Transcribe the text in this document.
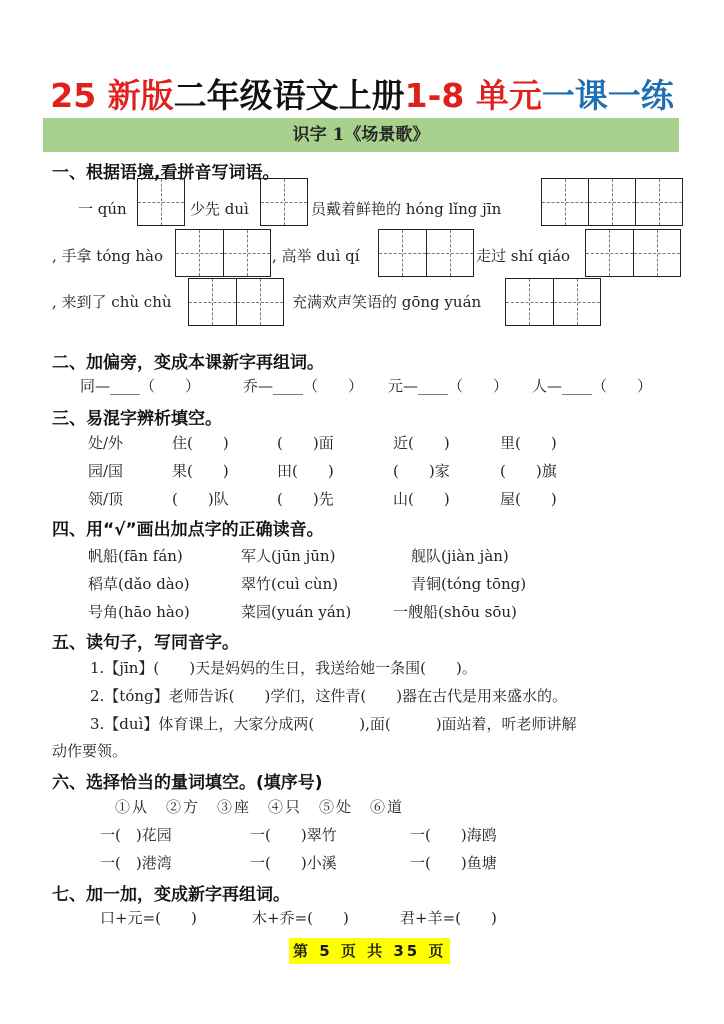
25 新版二年级语文上册1-8 单元一课一练
识字 1《场景歌》
一、根据语境,看拼音写词语。
一 qún	少先 duì	员戴着鲜艳的 hóng lǐng jīn
, 手拿 tóng hào	, 高举 duì qí	走过 shí qiáo
, 来到了 chù chù	充满欢声笑语的 gōng yuán
二、加偏旁，变成本课新字再组词。
同—____（　　）	乔—____（　　） 元—____（　　） 人—____（　　）
三、易混字辨析填空。
处/外	住(　　)	(　　)面	近(　　)	里(　　)
园/国	果(　　)	田(　　)	(　　)家	(　　)旗
领/顶	(　　)队	(　　)先	山(　　)	屋(　　)
四、用“√”画出加点字的正确读音。
帆船(fān fán)	军人(jūn jūn)	舰队(jiàn jàn)
稻草(dǎo dào)	翠竹(cuì cùn)	青铜(tóng tōng)
号角(hāo hào)	菜园(yuán yán)	一艘船(shōu sōu)
五、读句子，写同音字。
1.【jīn】(　　)天是妈妈的生日，我送给她一条围(　　)。
2.【tóng】老师告诉(　　)学们，这件青(　　)器在古代是用来盛水的。
3.【duì】体育课上，大家分成两(　　　),面(　　　)面站着，听老师讲解
动作要领。
六、选择恰当的量词填空。(填序号)
①从　②方　③座　④只　⑤处　⑥道
一(　)花园	一(　　)翠竹	一(　　)海鸥
一(　)港湾	一(　　)小溪	一(　　)鱼塘
七、加一加，变成新字再组词。
口+元=(　　)	木+乔=(　　)	君+羊=(　　)
第 5 页 共 35 页
